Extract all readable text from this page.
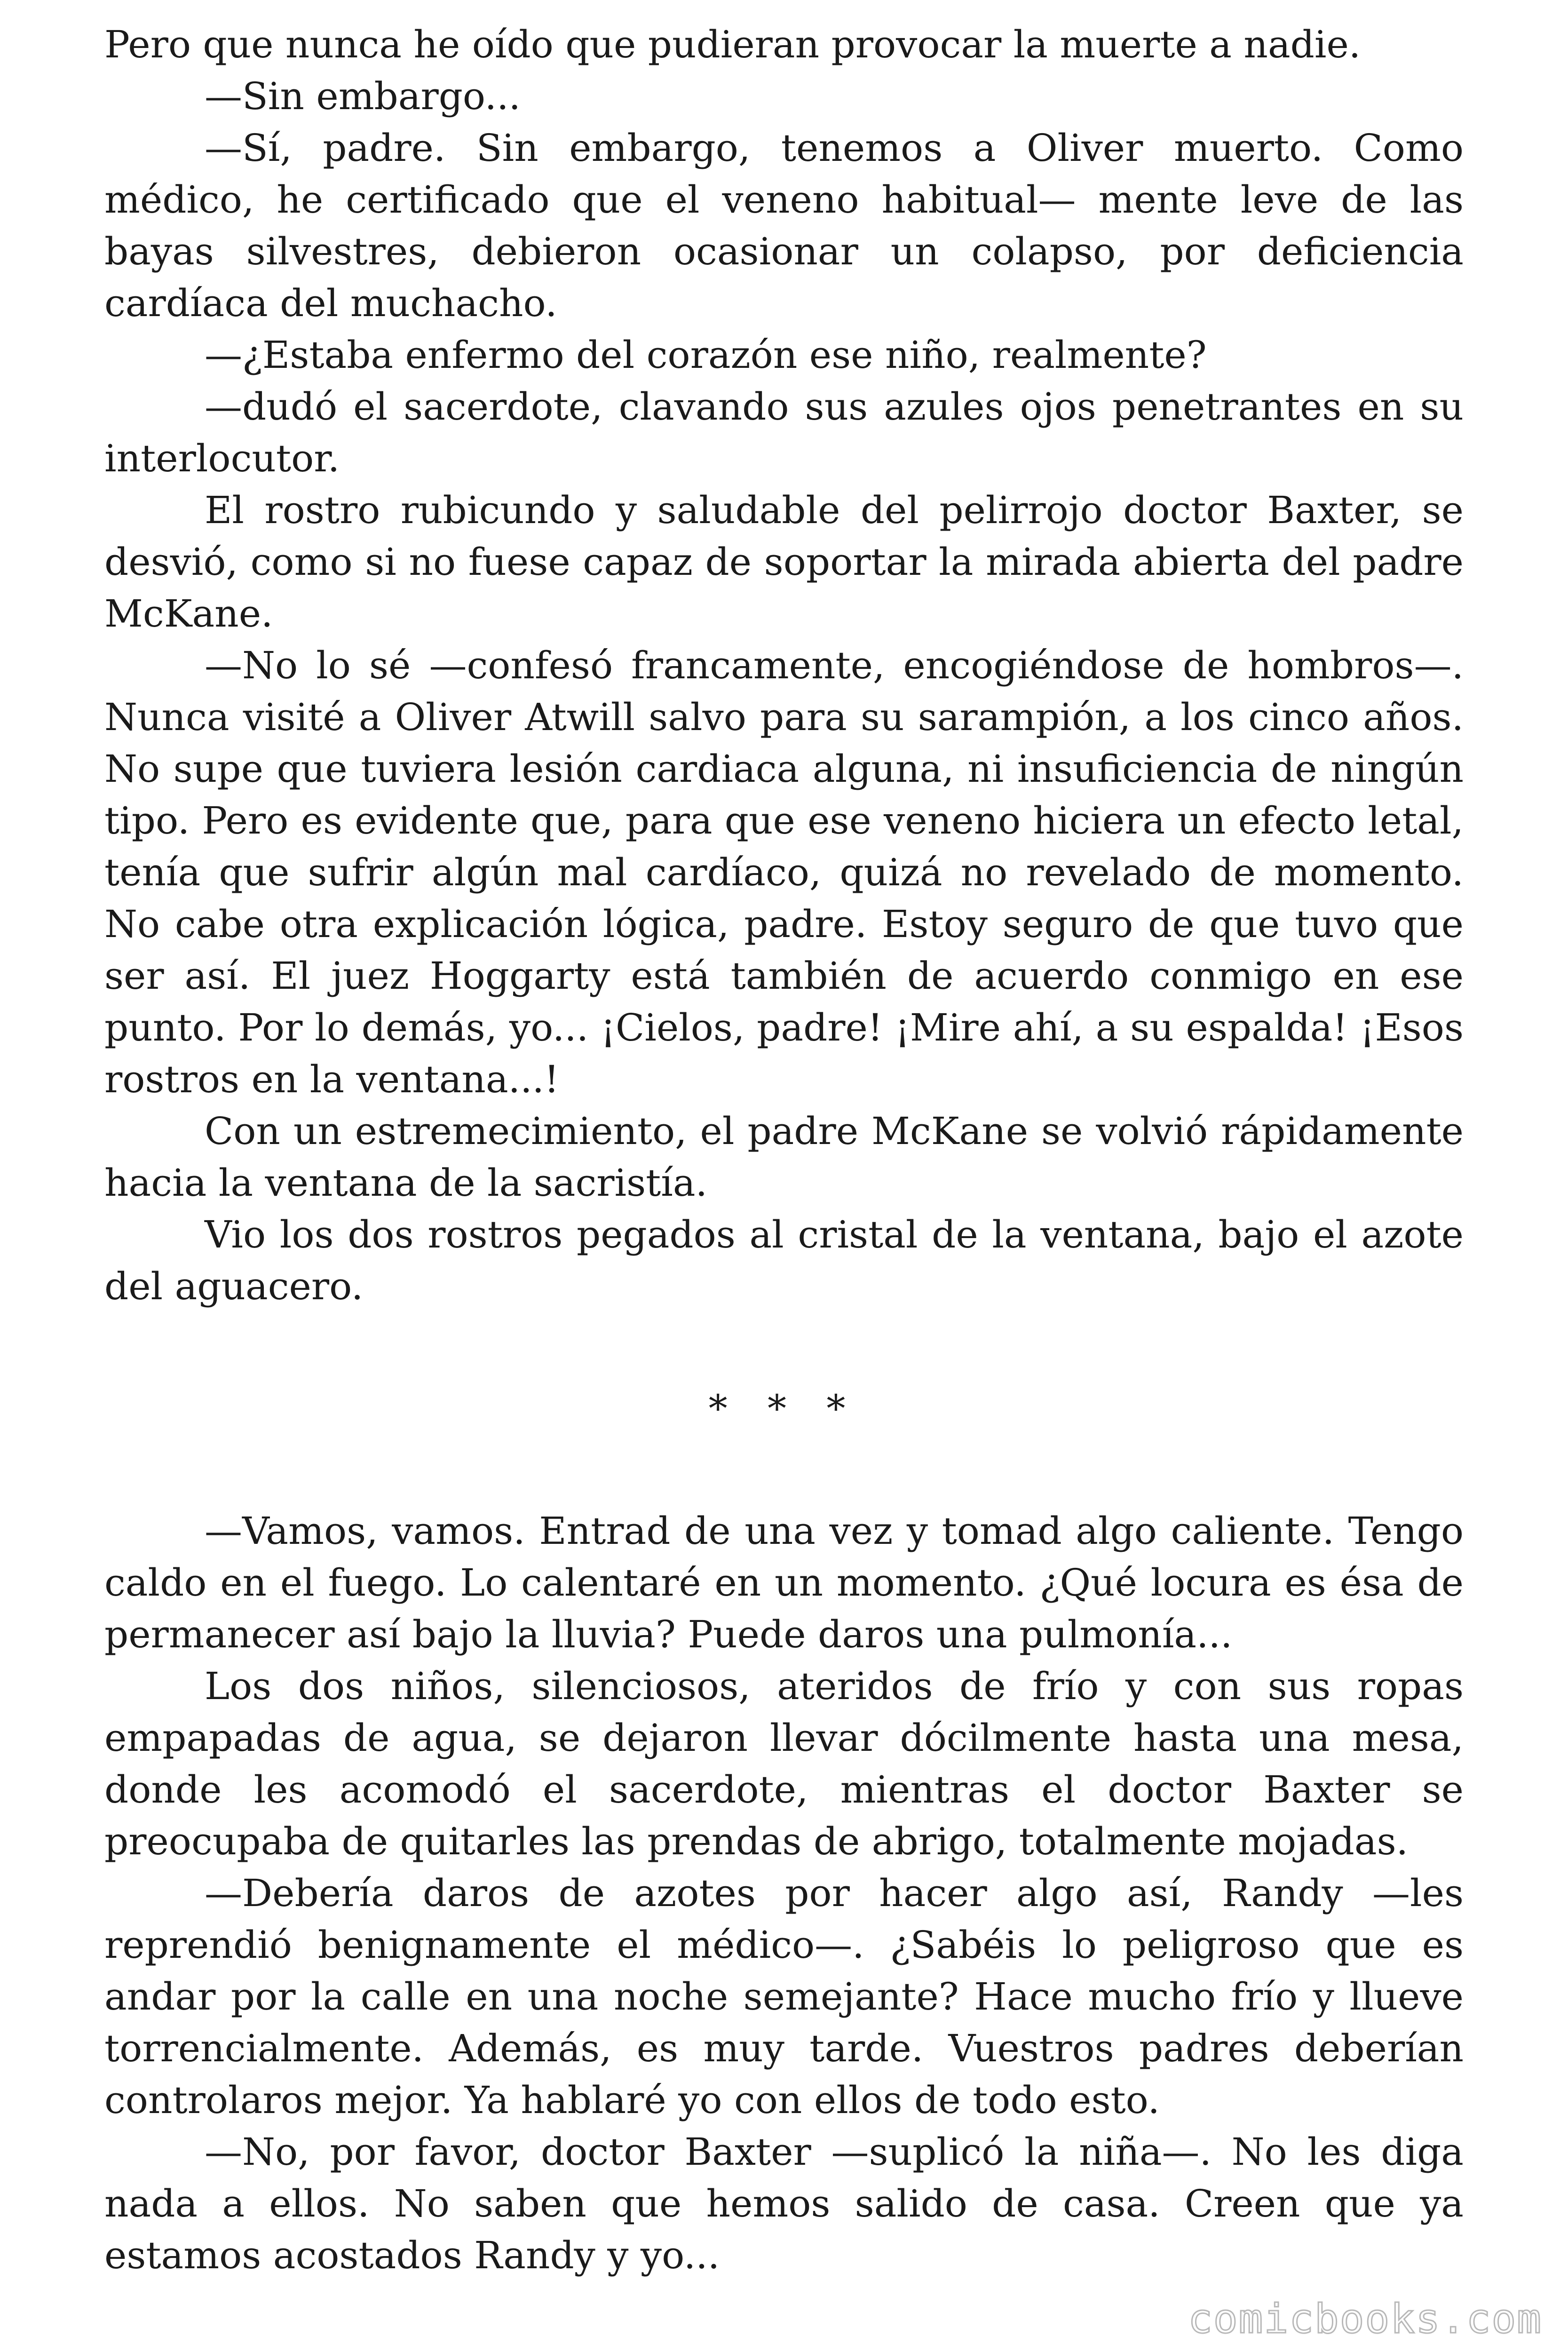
Pero que nunca he oído que pudieran provocar la muerte a nadie.

—Sin embargo...

—Sí, padre. Sin embargo, tenemos a Oliver muerto. Como médico, he certificado que el veneno habitual— mente leve de las bayas silvestres, debieron ocasionar un colapso, por deficiencia cardíaca del muchacho.

—¿Estaba enfermo del corazón ese niño, realmente?

—dudó el sacerdote, clavando sus azules ojos penetrantes en su interlocutor.

El rostro rubicundo y saludable del pelirrojo doctor Baxter, se desvió, como si no fuese capaz de soportar la mirada abierta del padre McKane.

—No lo sé —confesó francamente, encogiéndose de hombros—. Nunca visité a Oliver Atwill salvo para su sarampión, a los cinco años. No supe que tuviera lesión cardiaca alguna, ni insuficiencia de ningún tipo. Pero es evidente que, para que ese veneno hiciera un efecto letal, tenía que sufrir algún mal cardíaco, quizá no revelado de momento. No cabe otra explicación lógica, padre. Estoy seguro de que tuvo que ser así. El juez Hoggarty está también de acuerdo conmigo en ese punto. Por lo demás, yo... ¡Cielos, padre! ¡Mire ahí, a su espalda! ¡Esos rostros en la ventana...!

Con un estremecimiento, el padre McKane se volvió rápidamente hacia la ventana de la sacristía.

Vio los dos rostros pegados al cristal de la ventana, bajo el azote del aguacero.

* * *

—Vamos, vamos. Entrad de una vez y tomad algo caliente. Tengo caldo en el fuego. Lo calentaré en un momento. ¿Qué locura es ésa de permanecer así bajo la lluvia? Puede daros una pulmonía...

Los dos niños, silenciosos, ateridos de frío y con sus ropas empapadas de agua, se dejaron llevar dócilmente hasta una mesa, donde les acomodó el sacerdote, mientras el doctor Baxter se preocupaba de quitarles las prendas de abrigo, totalmente mojadas.

—Debería daros de azotes por hacer algo así, Randy —les reprendió benignamente el médico—. ¿Sabéis lo peligroso que es andar por la calle en una noche semejante? Hace mucho frío y llueve torrencialmente. Además, es muy tarde. Vuestros padres deberían controlaros mejor. Ya hablaré yo con ellos de todo esto.

—No, por favor, doctor Baxter —suplicó la niña—. No les diga nada a ellos. No saben que hemos salido de casa. Creen que ya estamos acostados Randy y yo...

comicbooks.com
